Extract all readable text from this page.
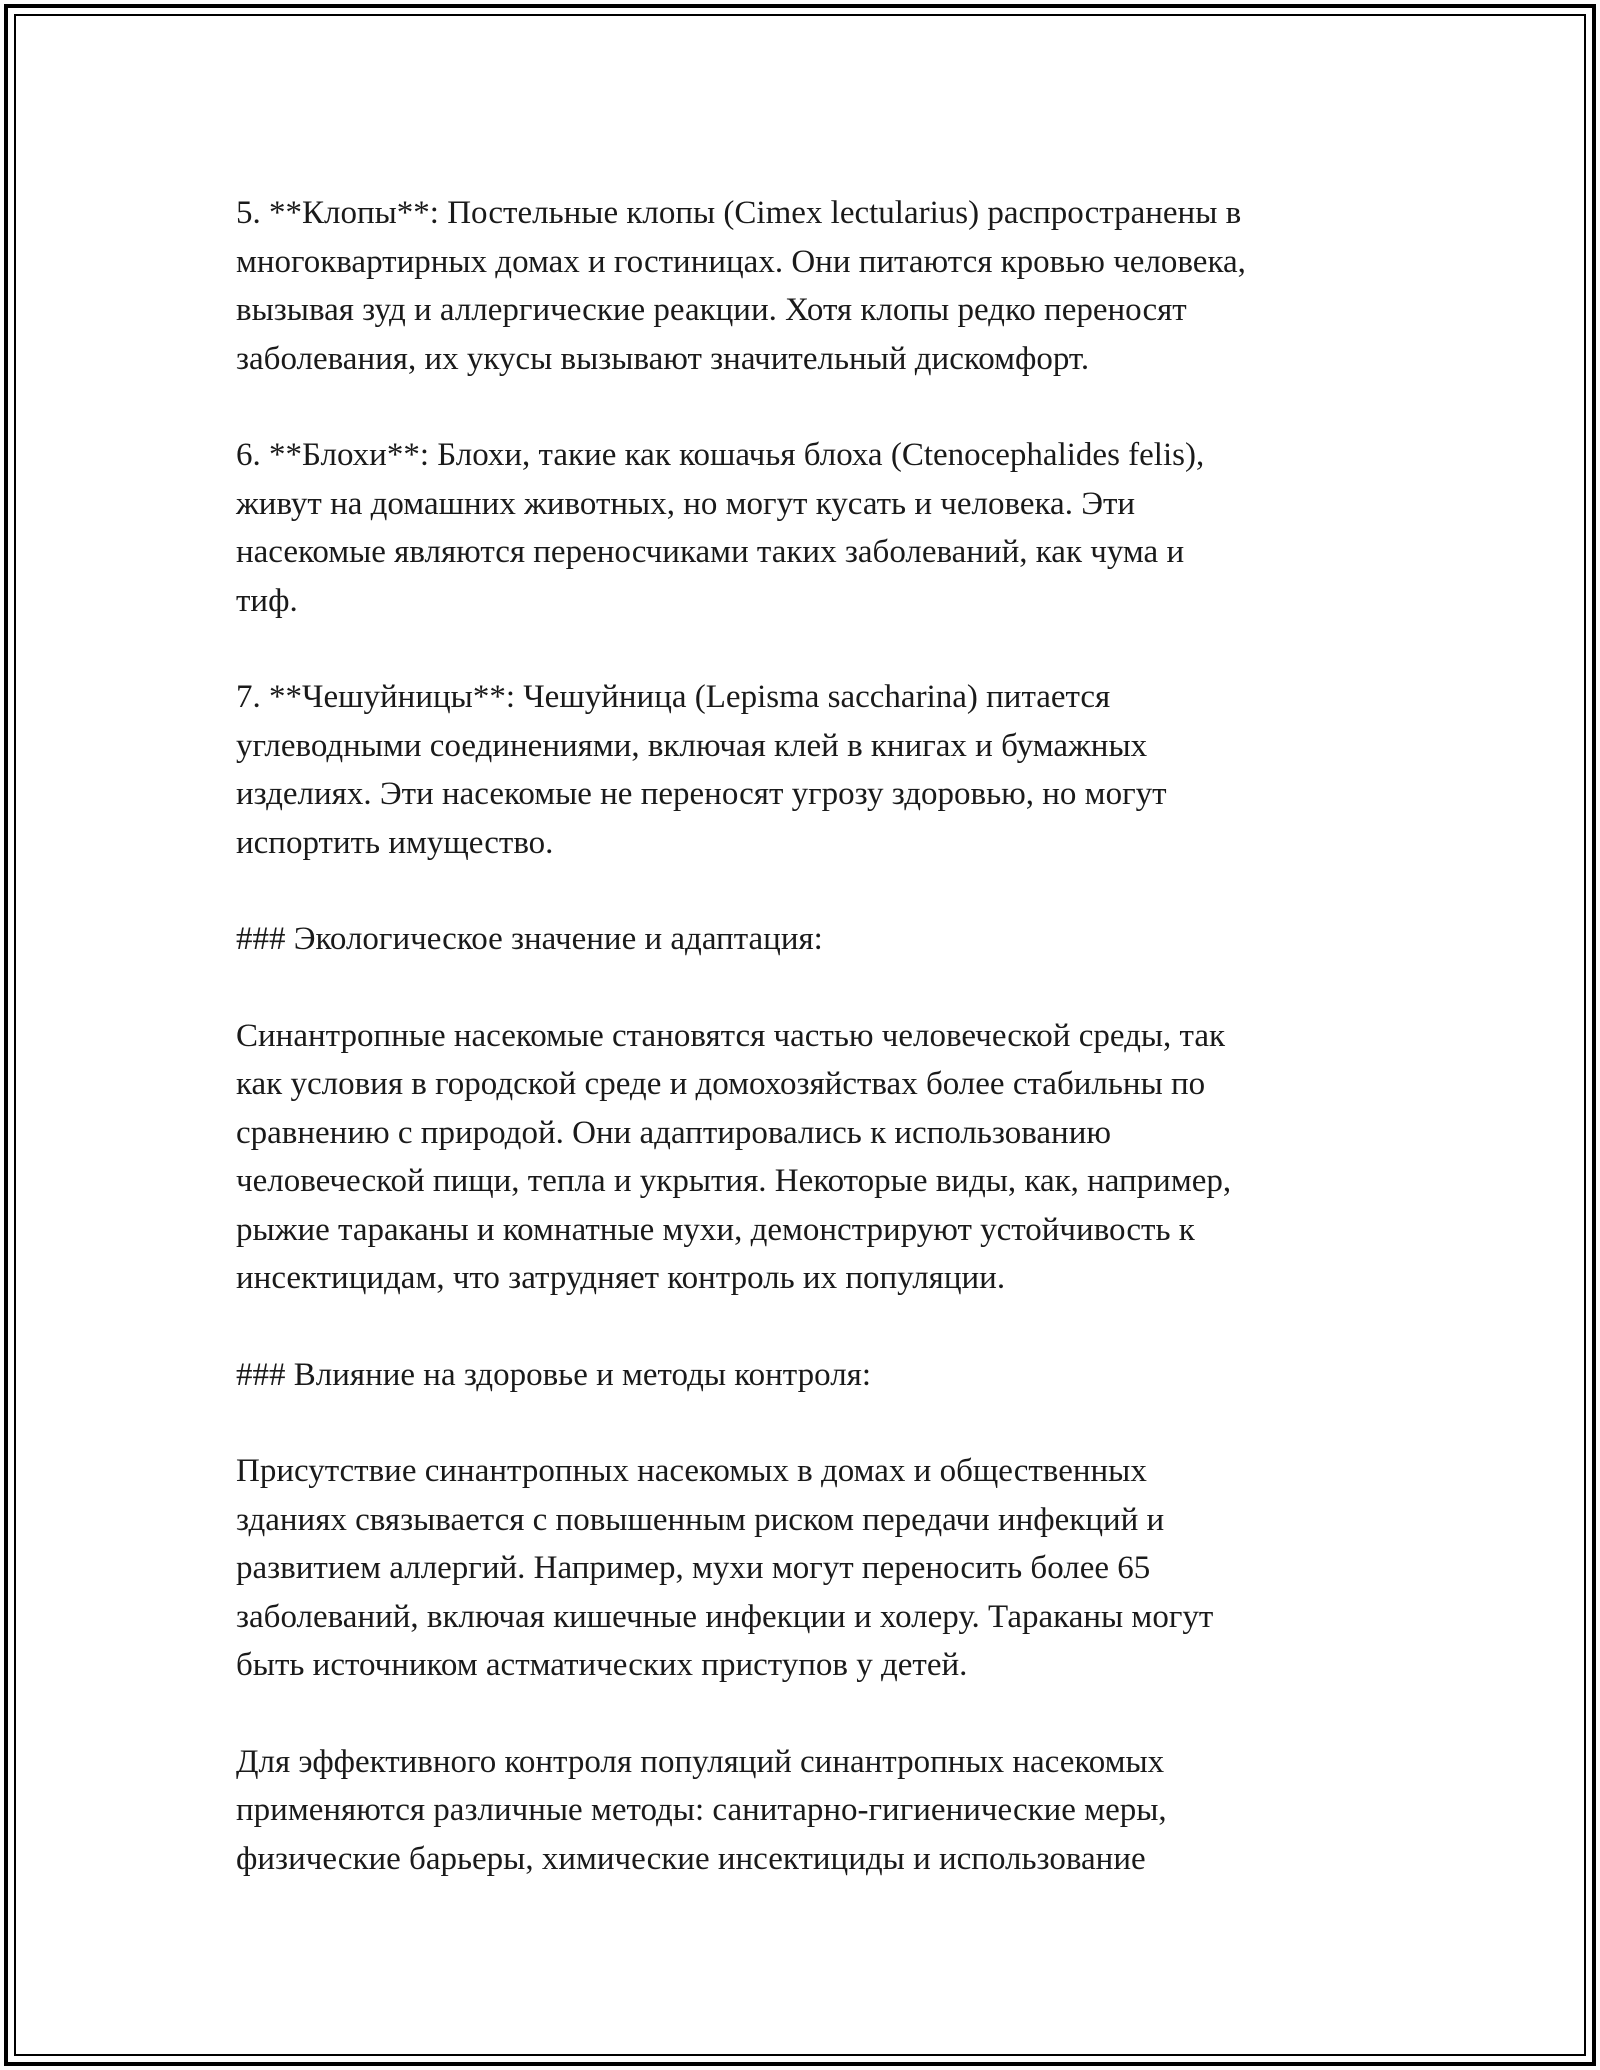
5. **Клопы**: Постельные клопы (Cimex lectularius) распространены в
многоквартирных домах и гостиницах. Они питаются кровью человека,
вызывая зуд и аллергические реакции. Хотя клопы редко переносят
заболевания, их укусы вызывают значительный дискомфорт.

6. **Блохи**: Блохи, такие как кошачья блоха (Ctenocephalides felis),
живут на домашних животных, но могут кусать и человека. Эти
насекомые являются переносчиками таких заболеваний, как чума и
тиф.

7. **Чешуйницы**: Чешуйница (Lepisma saccharina) питается
углеводными соединениями, включая клей в книгах и бумажных
изделиях. Эти насекомые не переносят угрозу здоровью, но могут
испортить имущество.

### Экологическое значение и адаптация:

Синантропные насекомые становятся частью человеческой среды, так
как условия в городской среде и домохозяйствах более стабильны по
сравнению с природой. Они адаптировались к использованию
человеческой пищи, тепла и укрытия. Некоторые виды, как, например,
рыжие тараканы и комнатные мухи, демонстрируют устойчивость к
инсектицидам, что затрудняет контроль их популяции.

### Влияние на здоровье и методы контроля:

Присутствие синантропных насекомых в домах и общественных
зданиях связывается с повышенным риском передачи инфекций и
развитием аллергий. Например, мухи могут переносить более 65
заболеваний, включая кишечные инфекции и холеру. Тараканы могут
быть источником астматических приступов у детей.

Для эффективного контроля популяций синантропных насекомых
применяются различные методы: санитарно-гигиенические меры,
физические барьеры, химические инсектициды и использование
